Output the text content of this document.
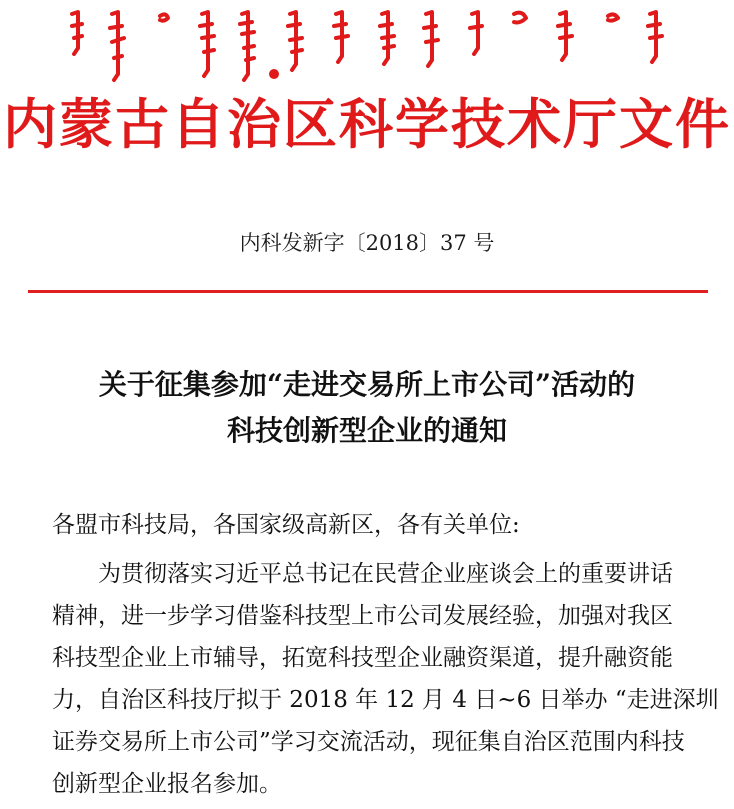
内蒙古自治区科学技术厅文件
内科发新字〔2018〕37 号
关于征集参加“走进交易所上市公司”活动的
科技创新型企业的通知
各盟市科技局，各国家级高新区，各有关单位:
为贯彻落实习近平总书记在民营企业座谈会上的重要讲话
精神，进一步学习借鉴科技型上市公司发展经验，加强对我区
科技型企业上市辅导，拓宽科技型企业融资渠道，提升融资能
力，自治区科技厅拟于 2018 年 12 月 4 日~6 日举办 “走进深圳
证券交易所上市公司”学习交流活动，现征集自治区范围内科技
创新型企业报名参加。
